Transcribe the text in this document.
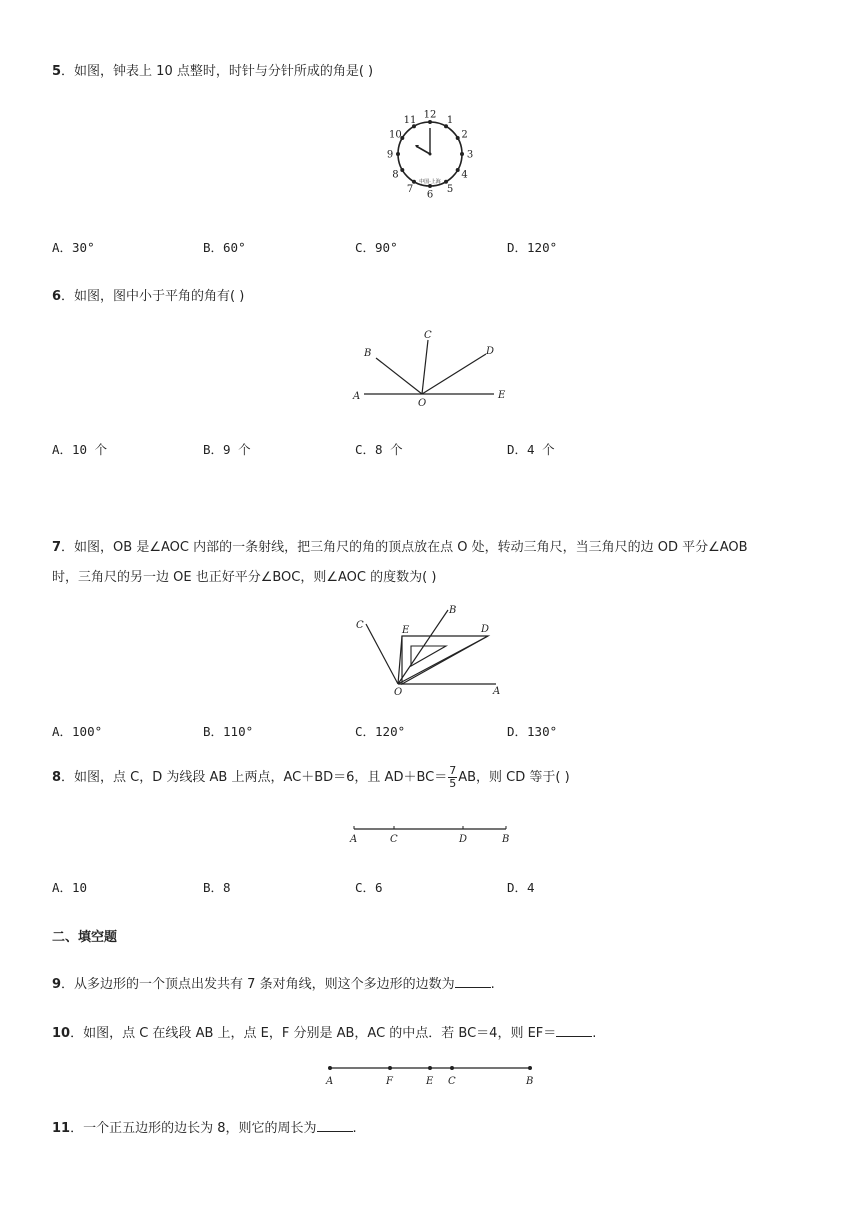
5．如图，钟表上 10 点整时，时针与分针所成的角是( )
12 1
2
3
4
5
6
7
8
9
10
11
中国·上海
A．30°	B．60°	C．90°	D．120°
6．如图，图中小于平角的角有( )
A
B
C
D
E
O
A．10 个	B．9 个	C．8 个	D．4 个
7．如图，OB 是∠AOC 内部的一条射线，把三角尺的角的顶点放在点 O 处，转动三角尺，当三角尺的边 OD 平分∠AOB
时，三角尺的另一边 OE 也正好平分∠BOC，则∠AOC 的度数为( )
C	E
B
D
O	A
A．100°	B．110°	C．120°	D．130°
8．如图，点 C，D 为线段 AB 上两点，AC＋BD＝6，且 $AD+BC= \frac{7}{5}$ AB，则 CD 等于( )
A	C	D	B
A．10	B．8	C．6	D．4
二、填空题
9．从多边形的一个顶点出发共有 7 条对角线，则这个多边形的边数为	.
10．如图，点 C 在线段 AB 上，点 E，F 分别是 AB，AC 的中点．若 BC＝4，则 EF＝	.
A	F	E C	B
11．一个正五边形的边长为 8，则它的周长为	.
